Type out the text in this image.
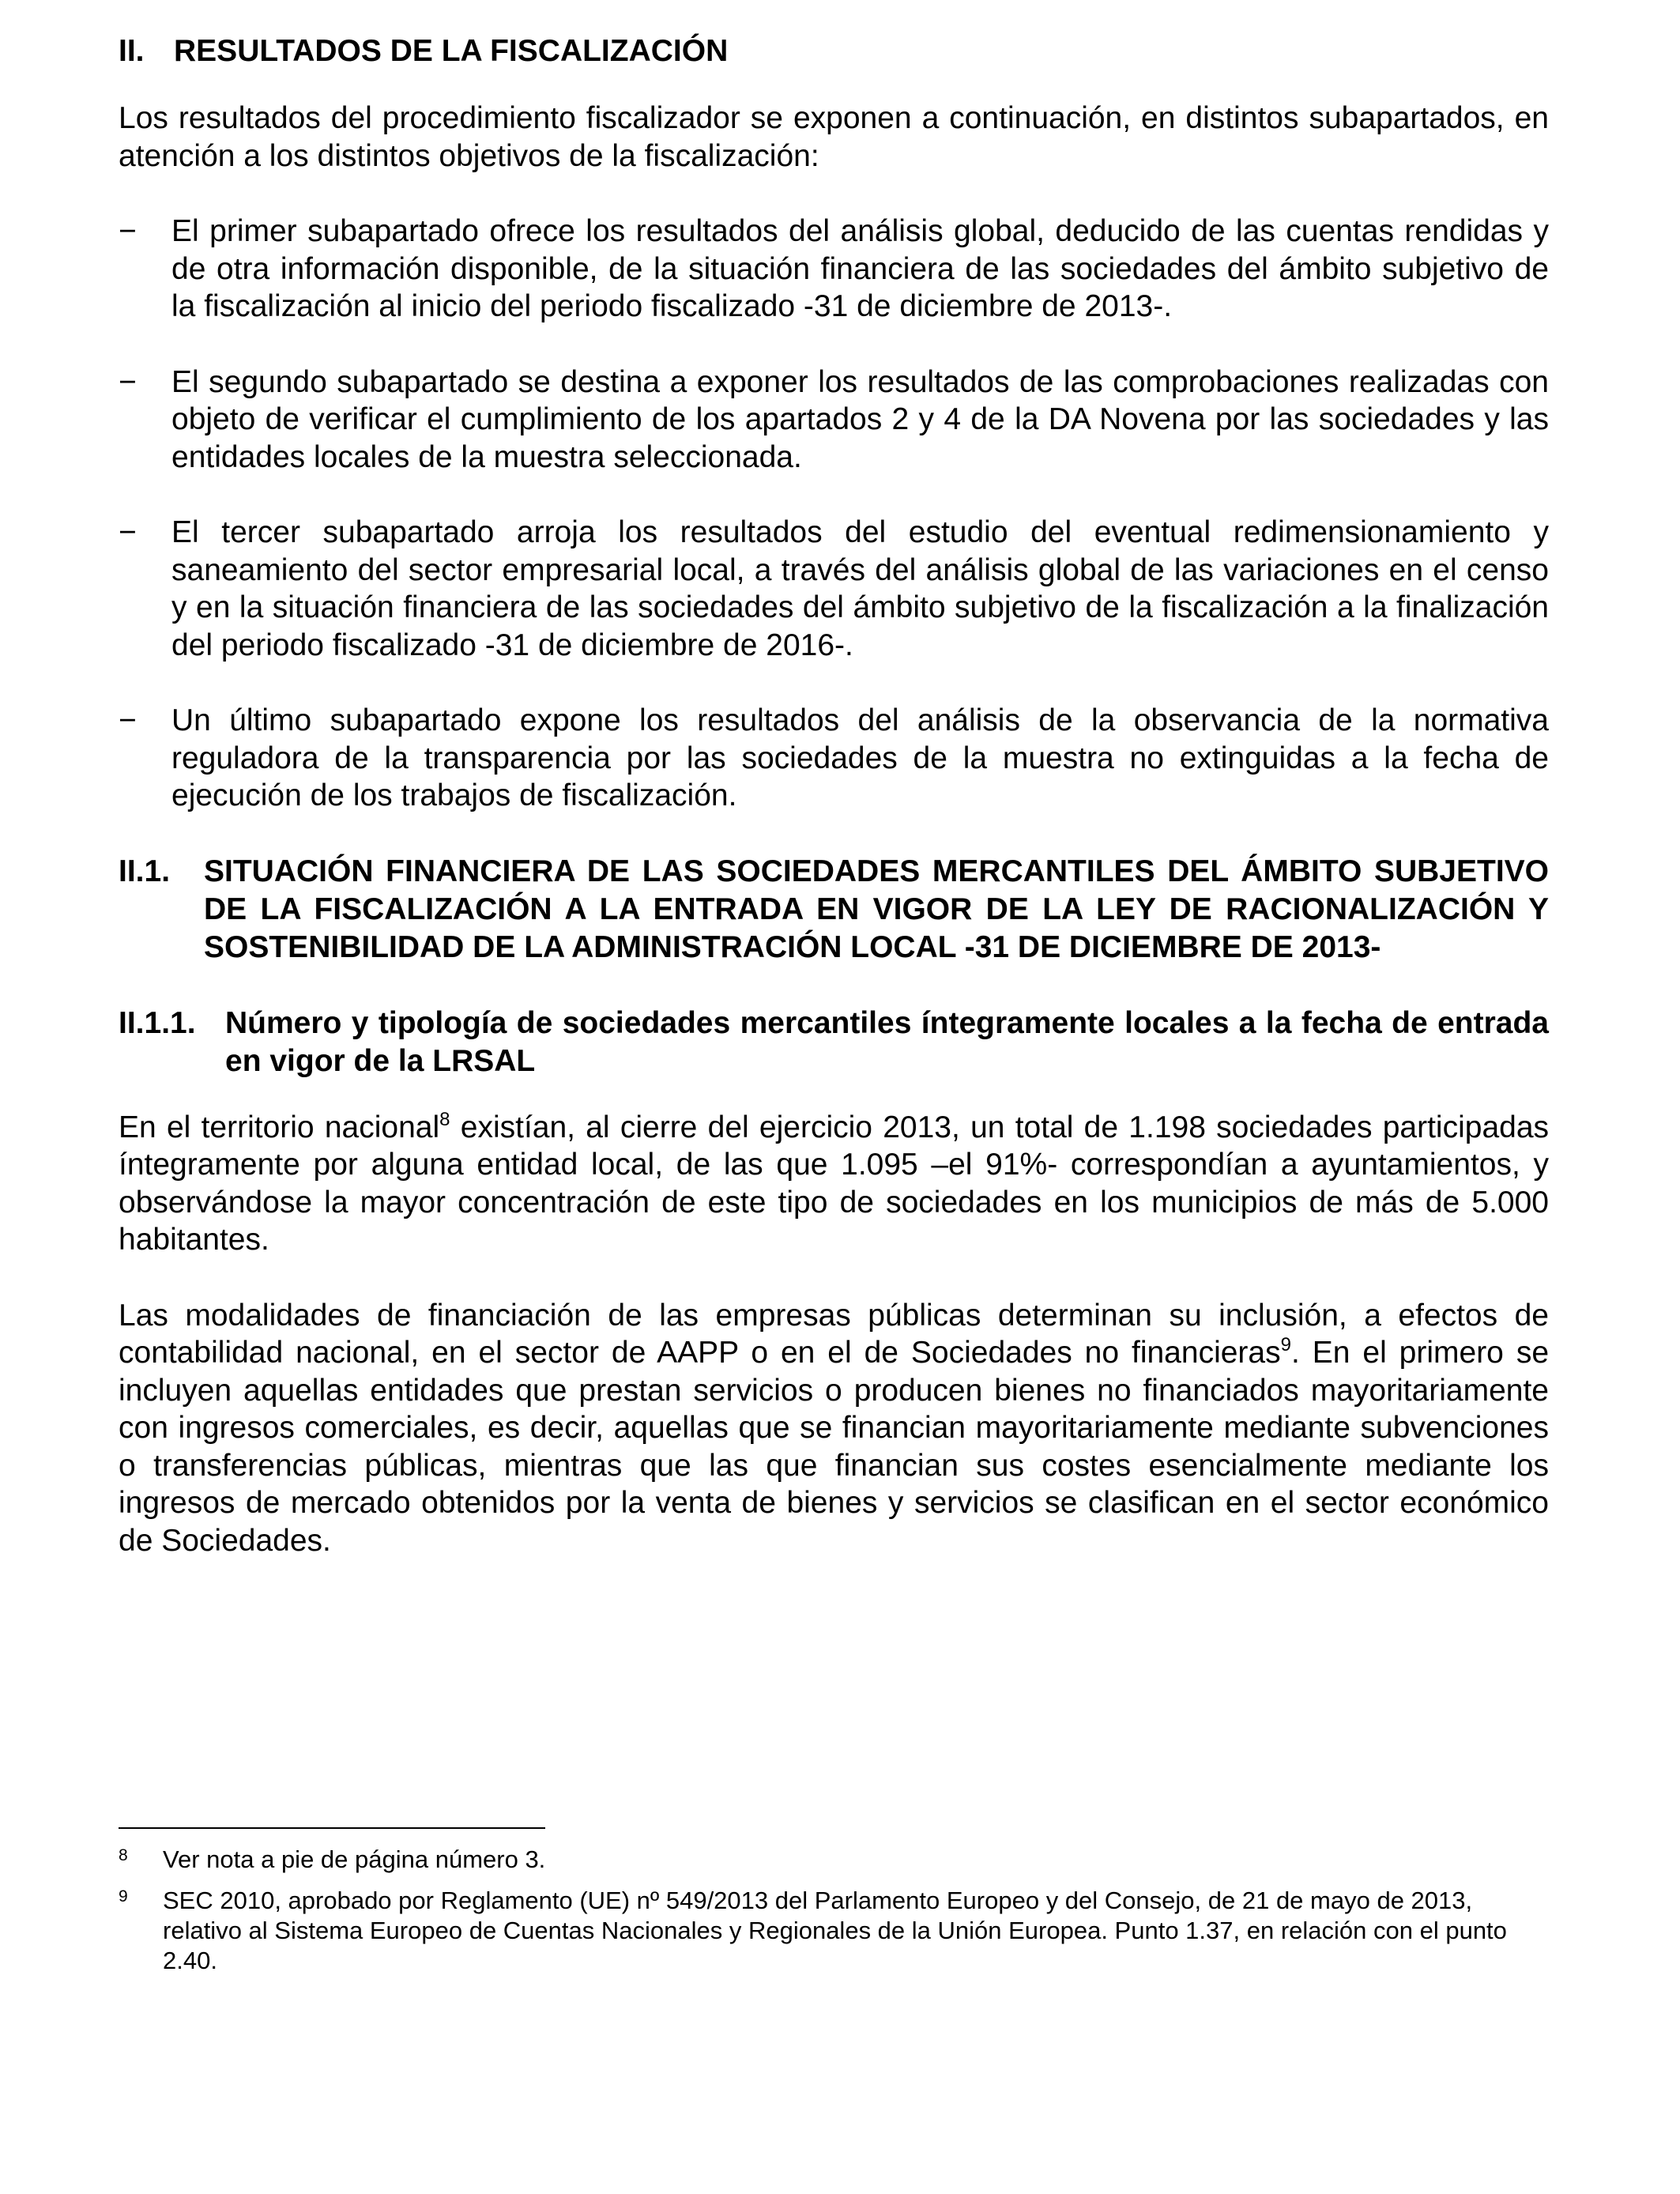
II. RESULTADOS DE LA FISCALIZACIÓN

Los resultados del procedimiento fiscalizador se exponen a continuación, en distintos subapartados, en atención a los distintos objetivos de la fiscalización:

−	El primer subapartado ofrece los resultados del análisis global, deducido de las cuentas rendidas y de otra información disponible, de la situación financiera de las sociedades del ámbito subjetivo de la fiscalización al inicio del periodo fiscalizado -31 de diciembre de 2013-.
−	El segundo subapartado se destina a exponer los resultados de las comprobaciones realizadas con objeto de verificar el cumplimiento de los apartados 2 y 4 de la DA Novena por las sociedades y las entidades locales de la muestra seleccionada.
−	El tercer subapartado arroja los resultados del estudio del eventual redimensionamiento y saneamiento del sector empresarial local, a través del análisis global de las variaciones en el censo y en la situación financiera de las sociedades del ámbito subjetivo de la fiscalización a la finalización del periodo fiscalizado -31 de diciembre de 2016-.
−	Un último subapartado expone los resultados del análisis de la observancia de la normativa reguladora de la transparencia por las sociedades de la muestra no extinguidas a la fecha de ejecución de los trabajos de fiscalización.
II.1.	SITUACIÓN FINANCIERA DE LAS SOCIEDADES MERCANTILES DEL ÁMBITO SUBJETIVO DE LA FISCALIZACIÓN A LA ENTRADA EN VIGOR DE LA LEY DE RACIONALIZACIÓN Y SOSTENIBILIDAD DE LA ADMINISTRACIÓN LOCAL -31 DE DICIEMBRE DE 2013-
II.1.1. Número y tipología de sociedades mercantiles íntegramente locales a la fecha de entrada en vigor de la LRSAL

En el territorio nacional$^8$ existían, al cierre del ejercicio 2013, un total de 1.198 sociedades participadas íntegramente por alguna entidad local, de las que 1.095 –el 91%- correspondían a ayuntamientos, y observándose la mayor concentración de este tipo de sociedades en los municipios de más de 5.000 habitantes.

Las modalidades de financiación de las empresas públicas determinan su inclusión, a efectos de contabilidad nacional, en el sector de AAPP o en el de Sociedades no financieras$^9$. En el primero se incluyen aquellas entidades que prestan servicios o producen bienes no financiados mayoritariamente con ingresos comerciales, es decir, aquellas que se financian mayoritariamente mediante subvenciones o transferencias públicas, mientras que las que financian sus costes esencialmente mediante los ingresos de mercado obtenidos por la venta de bienes y servicios se clasifican en el sector económico de Sociedades.

8	Ver nota a pie de página número 3.
9	SEC 2010, aprobado por Reglamento (UE) nº 549/2013 del Parlamento Europeo y del Consejo, de 21 de mayo de 2013, relativo al Sistema Europeo de Cuentas Nacionales y Regionales de la Unión Europea. Punto 1.37, en relación con el punto 2.40.
